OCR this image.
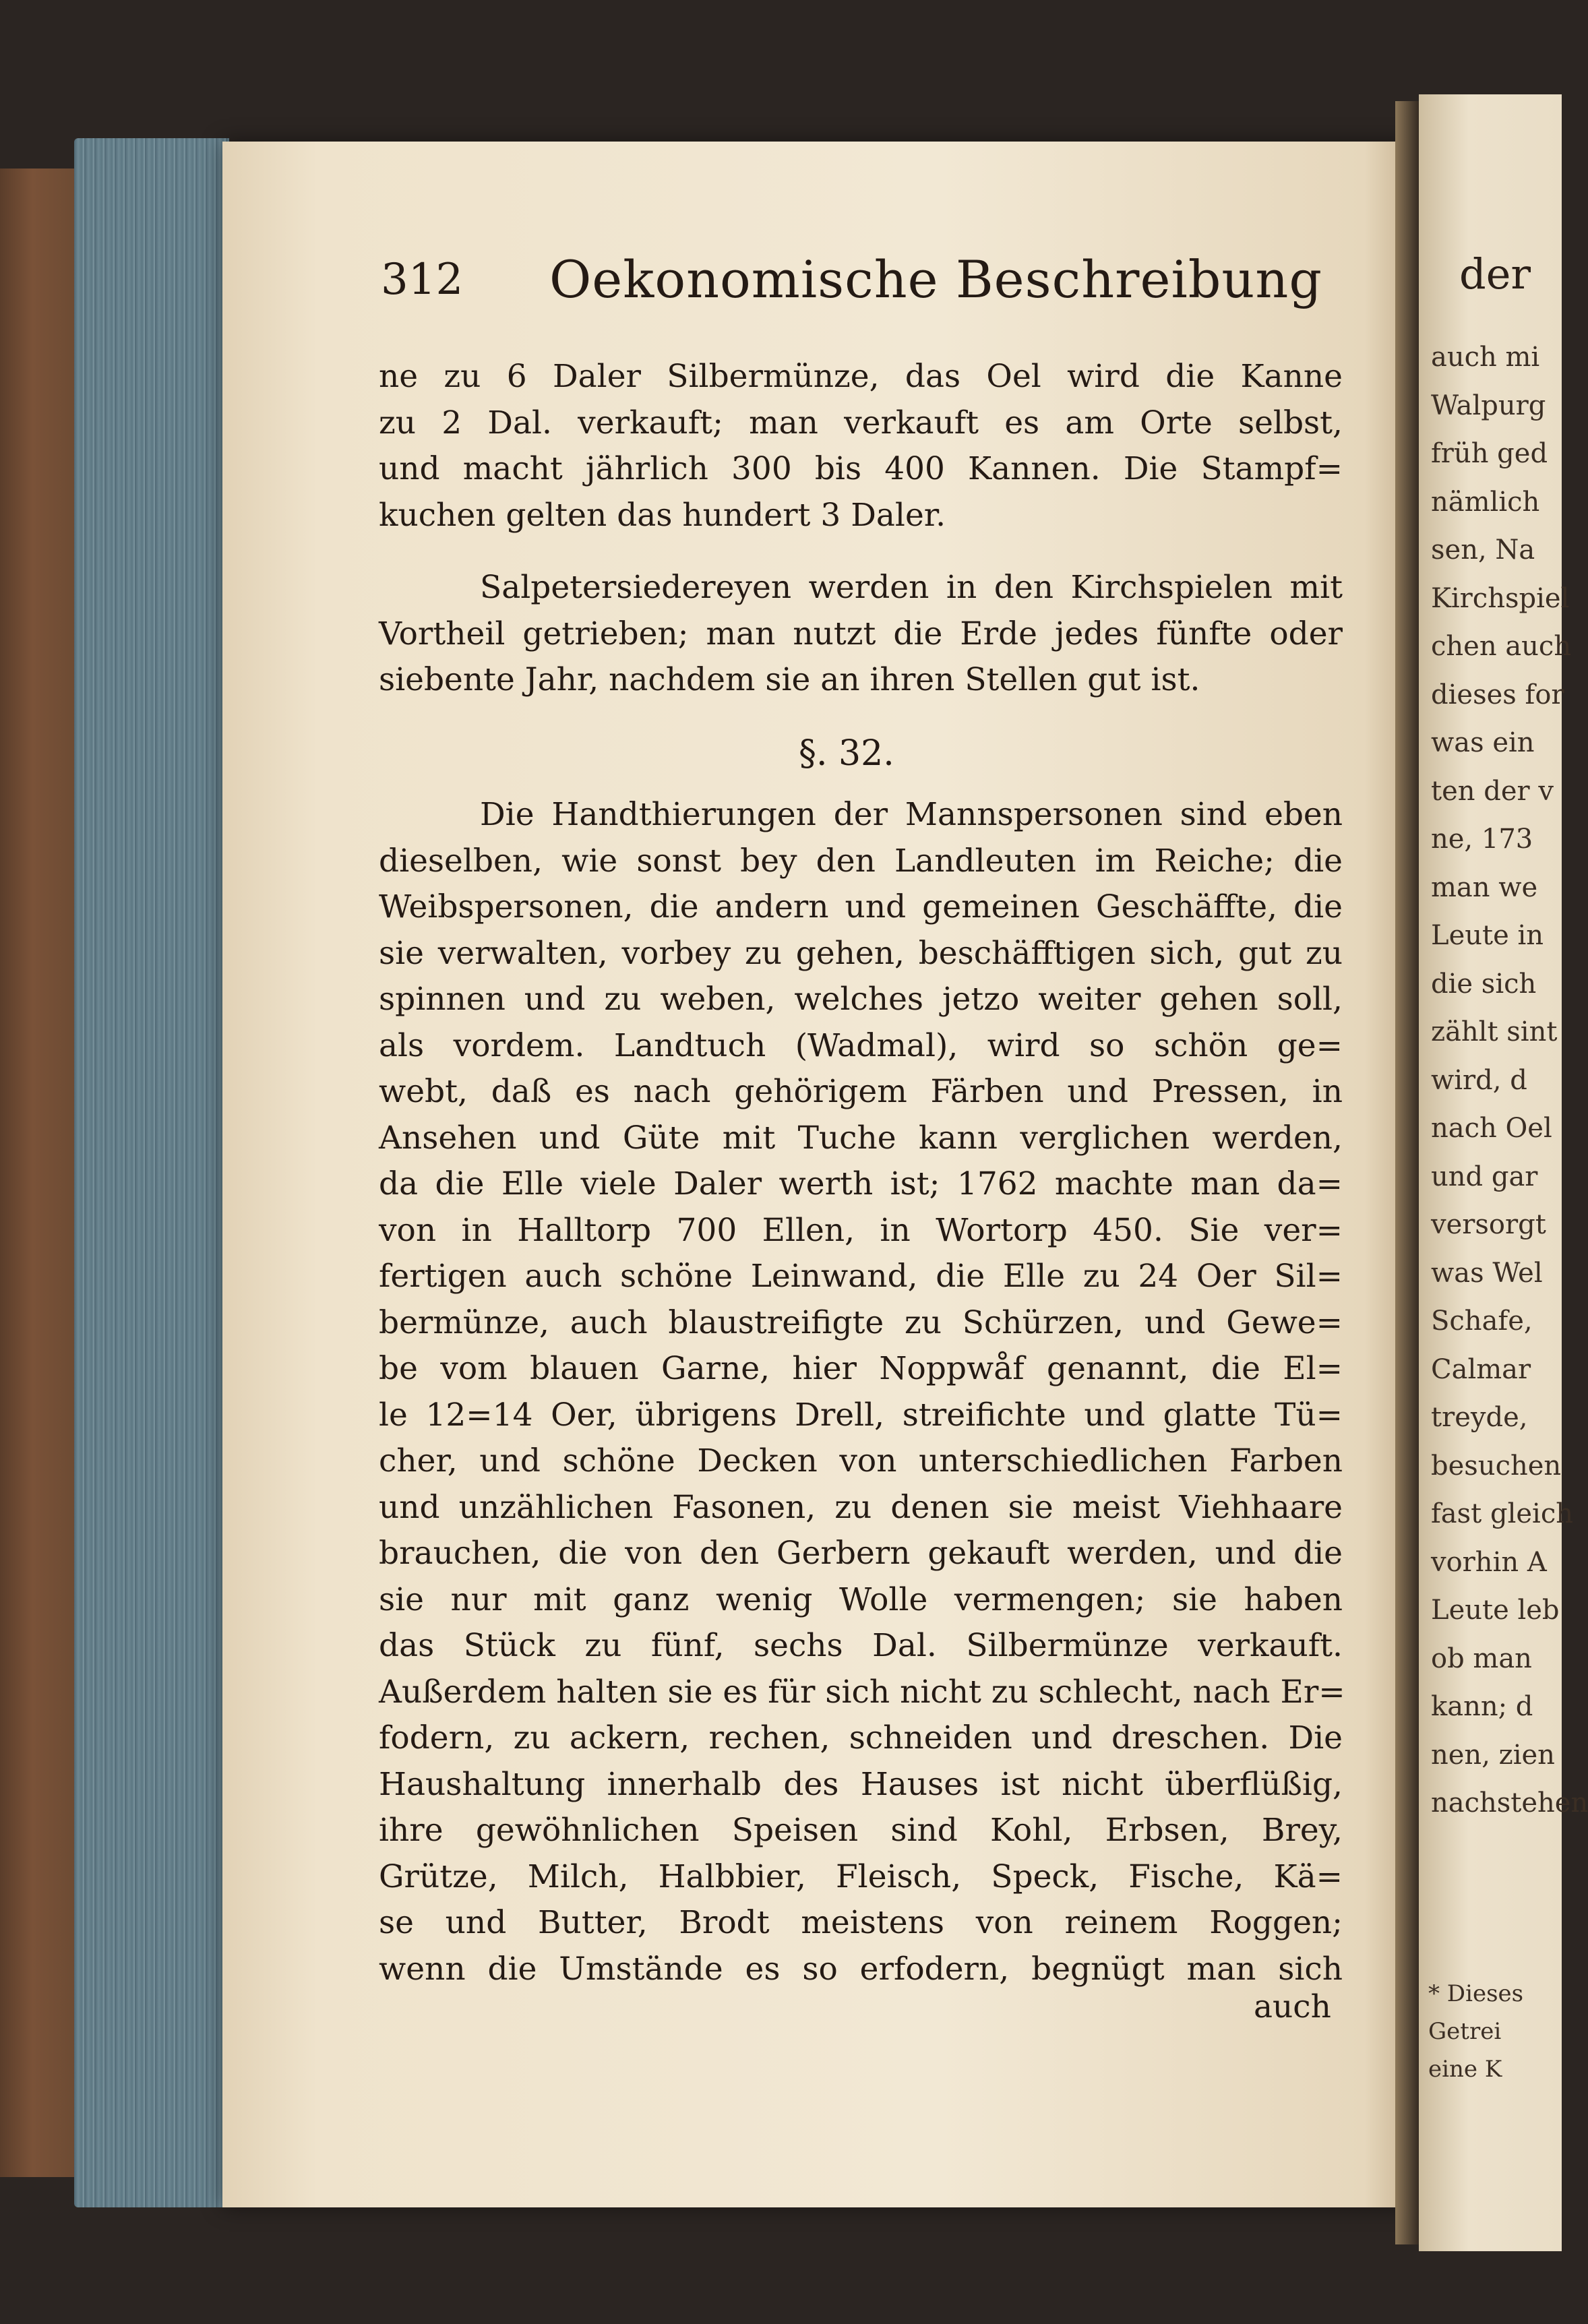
312 Oekonomische Beschreibung
ne zu 6 Daler Silbermünze, das Oel wird die Kanne
zu 2 Dal. verkauft; man verkauft es am Orte selbst,
und macht jährlich 300 bis 400 Kannen. Die Stampf=
kuchen gelten das hundert 3 Daler.
Salpetersiedereyen werden in den Kirchspielen mit
Vortheil getrieben; man nutzt die Erde jedes fünfte oder
siebente Jahr, nachdem sie an ihren Stellen gut ist.
§. 32.
Die Handthierungen der Mannspersonen sind eben
dieselben, wie sonst bey den Landleuten im Reiche; die
Weibspersonen, die andern und gemeinen Geschäffte, die
sie verwalten, vorbey zu gehen, beschäfftigen sich, gut zu
spinnen und zu weben, welches jetzo weiter gehen soll,
als vordem. Landtuch (Wadmal), wird so schön ge=
webt, daß es nach gehörigem Färben und Pressen, in
Ansehen und Güte mit Tuche kann verglichen werden,
da die Elle viele Daler werth ist; 1762 machte man da=
von in Halltorp 700 Ellen, in Wortorp 450. Sie ver=
fertigen auch schöne Leinwand, die Elle zu 24 Oer Sil=
bermünze, auch blaustreifigte zu Schürzen, und Gewe=
be vom blauen Garne, hier Noppwåf genannt, die El=
le 12=14 Oer, übrigens Drell, streifichte und glatte Tü=
cher, und schöne Decken von unterschiedlichen Farben
und unzählichen Fasonen, zu denen sie meist Viehhaare
brauchen, die von den Gerbern gekauft werden, und die
sie nur mit ganz wenig Wolle vermengen; sie haben
das Stück zu fünf, sechs Dal. Silbermünze verkauft.
Außerdem halten sie es für sich nicht zu schlecht, nach Er=
fodern, zu ackern, rechen, schneiden und dreschen. Die
Haushaltung innerhalb des Hauses ist nicht überflüßig,
ihre gewöhnlichen Speisen sind Kohl, Erbsen, Brey,
Grütze, Milch, Halbbier, Fleisch, Speck, Fische, Kä=
se und Butter, Brodt meistens von reinem Roggen;
wenn die Umstände es so erfodern, begnügt man sich
auch
der
auch mi
Walpurg
früh ged
nämlich
sen, Na
Kirchspiel
chen auch
dieses for
was ein
ten der v
ne, 173
man we
Leute in
die sich
zählt sint
wird, d
nach Oel
und gar
versorgt
was Wel
Schafe,
Calmar
treyde,
besuchen
fast gleich
vorhin A
Leute leb
ob man
kann; d
nen, zien
nachstehen
* Dieses
Getrei
eine K
